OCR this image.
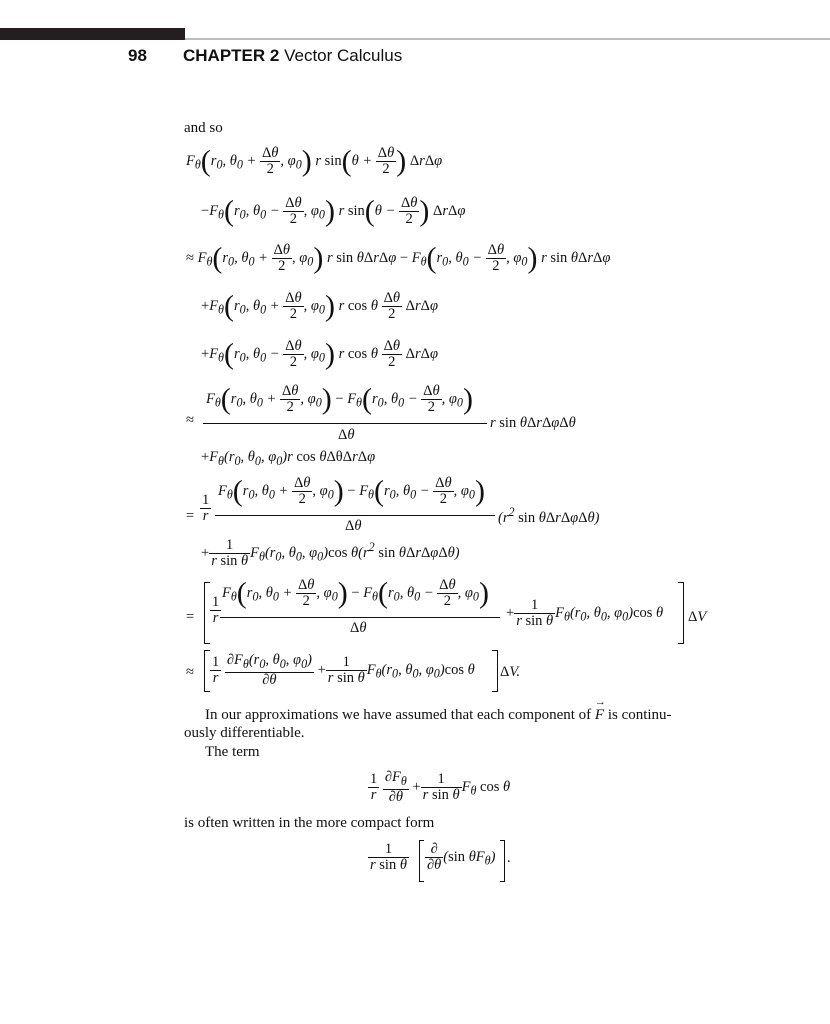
98 CHAPTER 2 Vector Calculus
and so
$F_\theta(r_0$, $\theta_0 + \frac{\Delta\theta}{2}$ , $\varphi_0$) r $\sin(\theta + \frac{\Delta\theta}{2}$ ) ΔrΔφ
$-F_\theta(r_0$, $\theta_0 - \frac{\Delta\theta}{2}$ , $\varphi_0$) r $\sin(\theta - \frac{\Delta\theta}{2}$ ) ΔrΔφ
≈ $F_\theta(r_0$, $\theta_0 + \frac{\Delta\theta}{2}$ , $\varphi_0$) r $\sin \theta\Delta r\Delta\varphi - F_\theta(r_0$, $\theta_0 - \frac{\Delta\theta}{2}$ , $\varphi_0$) r sin θΔrΔφ
$+F_\theta(r_0$, $\theta_0 + \frac{\Delta\theta}{2}$ , $\varphi_0$) r cos θ $\frac{\Delta\theta}{2}$ ΔrΔφ
$+F_\theta(r_0$, $\theta_0 - \frac{\Delta\theta}{2}$ , $\varphi_0$) r cos θ $\frac{\Delta\theta}{2}$ ΔrΔφ
≈
$F_\theta(r_0$, $\theta_0 + \frac{\Delta\theta}{2}$ , $\varphi_0) - F_\theta(r_0$, $\theta_0 - \frac{\Delta\theta}{2}$ , $\varphi_0$)
Δθ
r sin θΔrΔφΔθ
$+F_\theta(r_0$, $\theta_0$, $\varphi_0)r$ cos θΔθΔrΔφ
= $\frac{1}{r}$
$F_\theta(r_0$, $\theta_0 + \frac{\Delta\theta}{2}$ , $\varphi_0) - F_\theta(r_0$, $\theta_0 - \frac{\Delta\theta}{2}$ , $\varphi_0$)
Δθ
($r^2$ sin θΔrΔφΔθ)
+ $\frac{1}{\text{r sin θ}} F_\theta(r_0$, $\theta_0$, $\varphi_0)\cos$ $\theta(r^2$ sin θΔrΔφΔθ)
= $\frac{1}{r}$
$F_\theta(r_0$, $\theta_0 + \frac{\Delta\theta}{2}$ , $\varphi_0) - F_\theta(r_0$, $\theta_0 - \frac{\Delta\theta}{2}$ , $\varphi_0$)
Δθ
+ $\frac{1}{\text{r sin θ}} F_\theta(r_0$, $\theta_0$, $\varphi_0)\cos$ θ ΔV
≈ $\frac{1}{r}$
$\frac{\partial F_\theta(r_0, \theta_0, \varphi_0)}{\partial\theta} + \frac{1}{\text{r sin θ}} F_\theta(r_0$, $\theta_0$, $\varphi_0)\cos$ θ ΔV.
In our approximations we have assumed that each component of F
→
is continu-
ously differentiable.
The term
$\frac{1}{r}$
$\frac{\partial F_\theta}{\partial\theta} + \frac{1}{\text{r sin θ}} F_\theta$ cos θ
is often written in the more compact form
$\frac{1}{\text{r sin θ}} \frac{\partial}{\partial\theta} (\sin$ $\theta F_\theta$) .
